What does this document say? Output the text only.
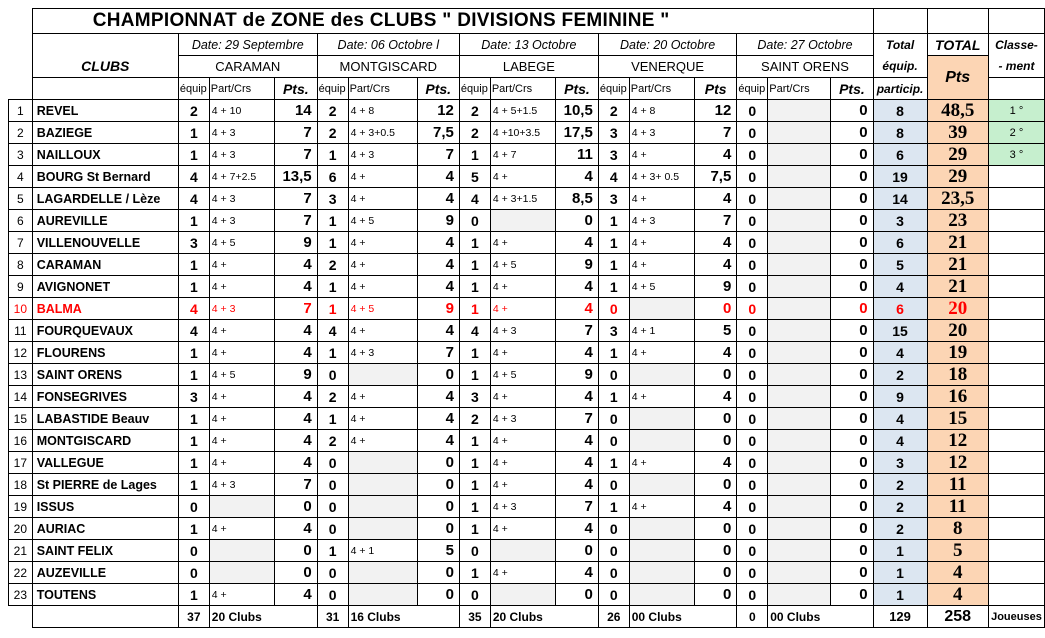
	CHAMPIONNAT de ZONE des CLUBS " DIVISIONS FEMININE "																		
		Date: 29 Septembre			Date: 06 Octobre l			Date: 13 Octobre			Date: 20 Octobre			Date: 27 Octobre			Total	TOTAL	Classe-
	CLUBS	CARAMAN			MONTGISCARD			LABEGE			VENERQUE			SAINT ORENS			équip.	Pts	- ment
		équip	Part/Crs	Pts.	équip	Part/Crs	Pts.	équip	Part/Crs	Pts.	équip	Part/Crs	Pts	équip	Part/Crs	Pts.	particip.		
1	REVEL	2	4 + 10	14	2	4 + 8	12	2	4 + 5+1.5	10,5	2	4 + 8	12	0		0	8	48,5	1 °
2	BAZIEGE	1	4 + 3	7	2	4 + 3+0.5	7,5	2	4 +10+3.5	17,5	3	4 + 3	7	0		0	8	39	2 °
3	NAILLOUX	1	4 + 3	7	1	4 + 3	7	1	4 + 7	11	3	4 +	4	0		0	6	29	3 °
4	BOURG St Bernard	4	4 + 7+2.5	13,5	6	4 +	4	5	4 +	4	4	4 + 3+ 0.5	7,5	0		0	19	29	
5	LAGARDELLE / Lèze	4	4 + 3	7	3	4 +	4	4	4 + 3+1.5	8,5	3	4 +	4	0		0	14	23,5	
6	AUREVILLE	1	4 + 3	7	1	4 + 5	9	0		0	1	4 + 3	7	0		0	3	23	
7	VILLENOUVELLE	3	4 + 5	9	1	4 +	4	1	4 +	4	1	4 +	4	0		0	6	21	
8	CARAMAN	1	4 +	4	2	4 +	4	1	4 + 5	9	1	4 +	4	0		0	5	21	
9	AVIGNONET	1	4 +	4	1	4 +	4	1	4 +	4	1	4 + 5	9	0		0	4	21	
10	BALMA	4	4 + 3	7	1	4 + 5	9	1	4 +	4	0		0	0		0	6	20	
11	FOURQUEVAUX	4	4 +	4	4	4 +	4	4	4 + 3	7	3	4 + 1	5	0		0	15	20	
12	FLOURENS	1	4 +	4	1	4 + 3	7	1	4 +	4	1	4 +	4	0		0	4	19	
13	SAINT ORENS	1	4 + 5	9	0		0	1	4 + 5	9	0		0	0		0	2	18	
14	FONSEGRIVES	3	4 +	4	2	4 +	4	3	4 +	4	1	4 +	4	0		0	9	16	
15	LABASTIDE Beauv	1	4 +	4	1	4 +	4	2	4 + 3	7	0		0	0		0	4	15	
16	MONTGISCARD	1	4 +	4	2	4 +	4	1	4 +	4	0		0	0		0	4	12	
17	VALLEGUE	1	4 +	4	0		0	1	4 +	4	1	4 +	4	0		0	3	12	
18	St PIERRE de Lages	1	4 + 3	7	0		0	1	4 +	4	0		0	0		0	2	11	
19	ISSUS	0		0	0		0	1	4 + 3	7	1	4 +	4	0		0	2	11	
20	AURIAC	1	4 +	4	0		0	1	4 +	4	0		0	0		0	2	8	
21	SAINT FELIX	0		0	1	4 + 1	5	0		0	0		0	0		0	1	5	
22	AUZEVILLE	0		0	0		0	1	4 +	4	0		0	0		0	1	4	
23	TOUTENS	1	4 +	4	0		0	0		0	0		0	0		0	1	4	
		37	20 Clubs		31	16 Clubs		35	20 Clubs		26	00 Clubs		0	00 Clubs		129	258	Joueuses
